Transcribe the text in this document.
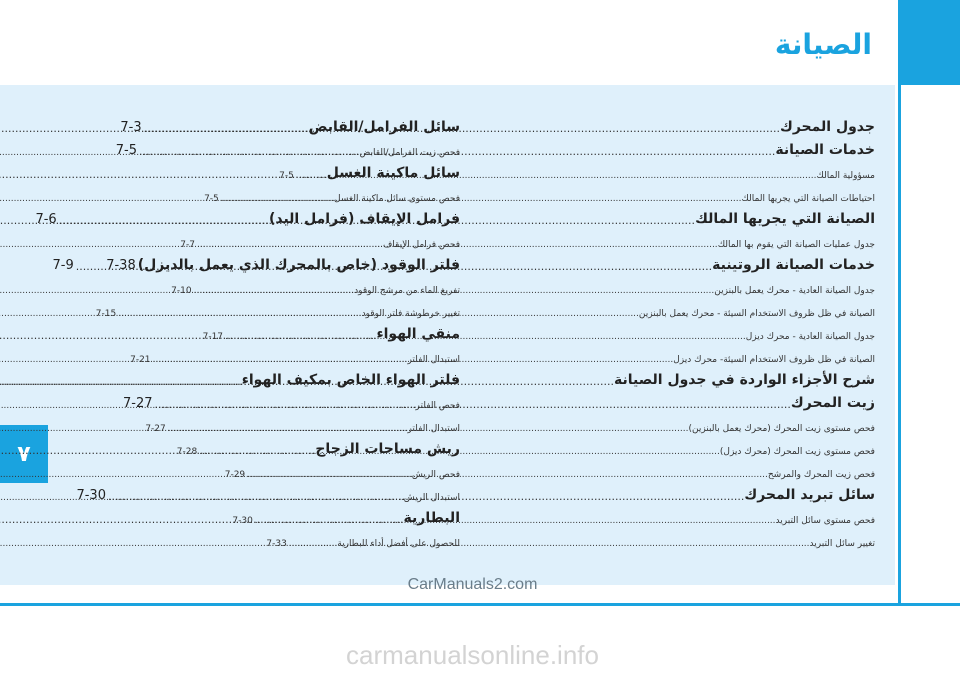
الصيانة
٧
جدول المحرك
.....
7-3
خدمات الصيانة
.....
7-5
مسؤولية المالك
.....
7-5
احتياطات الصيانة التي يجريها المالك
.....
7-5
الصيانة التي يجريها المالك
.....
7-6
جدول عمليات الصيانة التي يقوم بها المالك
.....
7-7
خدمات الصيانة الروتينية
.....
7-9
جدول الصيانة العادية - محرك يعمل بالبنزين
.....
7-10
الصيانة في ظل ظروف الاستخدام السيئة - محرك يعمل بالبنزين
.....
7-15
جدول الصيانة العادية - محرك ديزل
.....
7-17
الصيانة في ظل ظروف الاستخدام السيئة- محرك ديزل
.....
7-21
شرح الأجزاء الواردة في جدول الصيانة
.....
زيت المحرك
.....
7-27
فحص مستوى زيت المحرك (محرك يعمل بالبنزين)
.....
7-27
فحص مستوى زيت المحرك (محرك ديزل)
.....
7-28
فحص زيت المحرك والمرشح
.....
7-29
سائل تبريد المحرك
.....
7-30
فحص مستوى سائل التبريد
.....
7-30
تغيير سائل التبريد
.....
7-33
سائل الفرامل/القابض
.....
فحص زيت الفرامل/القابض
.....
سائل ماكينة الغسل
.....
فحص مستوى سائل ماكينة الغسل
.....
فرامل الإيقاف (فرامل اليد)
.....
فحص فرامل الإيقاف
.....
فلتر الوقود (خاص بالمحرك الذي يعمل بالديزل)
7-38
تفريغ الماء من مرشح الوقود
.....
تغيير خرطوشة فلتر الوقود
.....
منقي الهواء
.....
استبدال الفلتر
.....
فلتر الهواء الخاص بمكيف الهواء
.....
فحص الفلتر
.....
استبدال الفلتر
.....
ريش مساحات الزجاج
.....
فحص الريش
.....
استبدال الريش
.....
البطارية
.....
للحصول على أفضل أداء للبطارية
.....
CarManuals2.com
carmanualsonline.info
